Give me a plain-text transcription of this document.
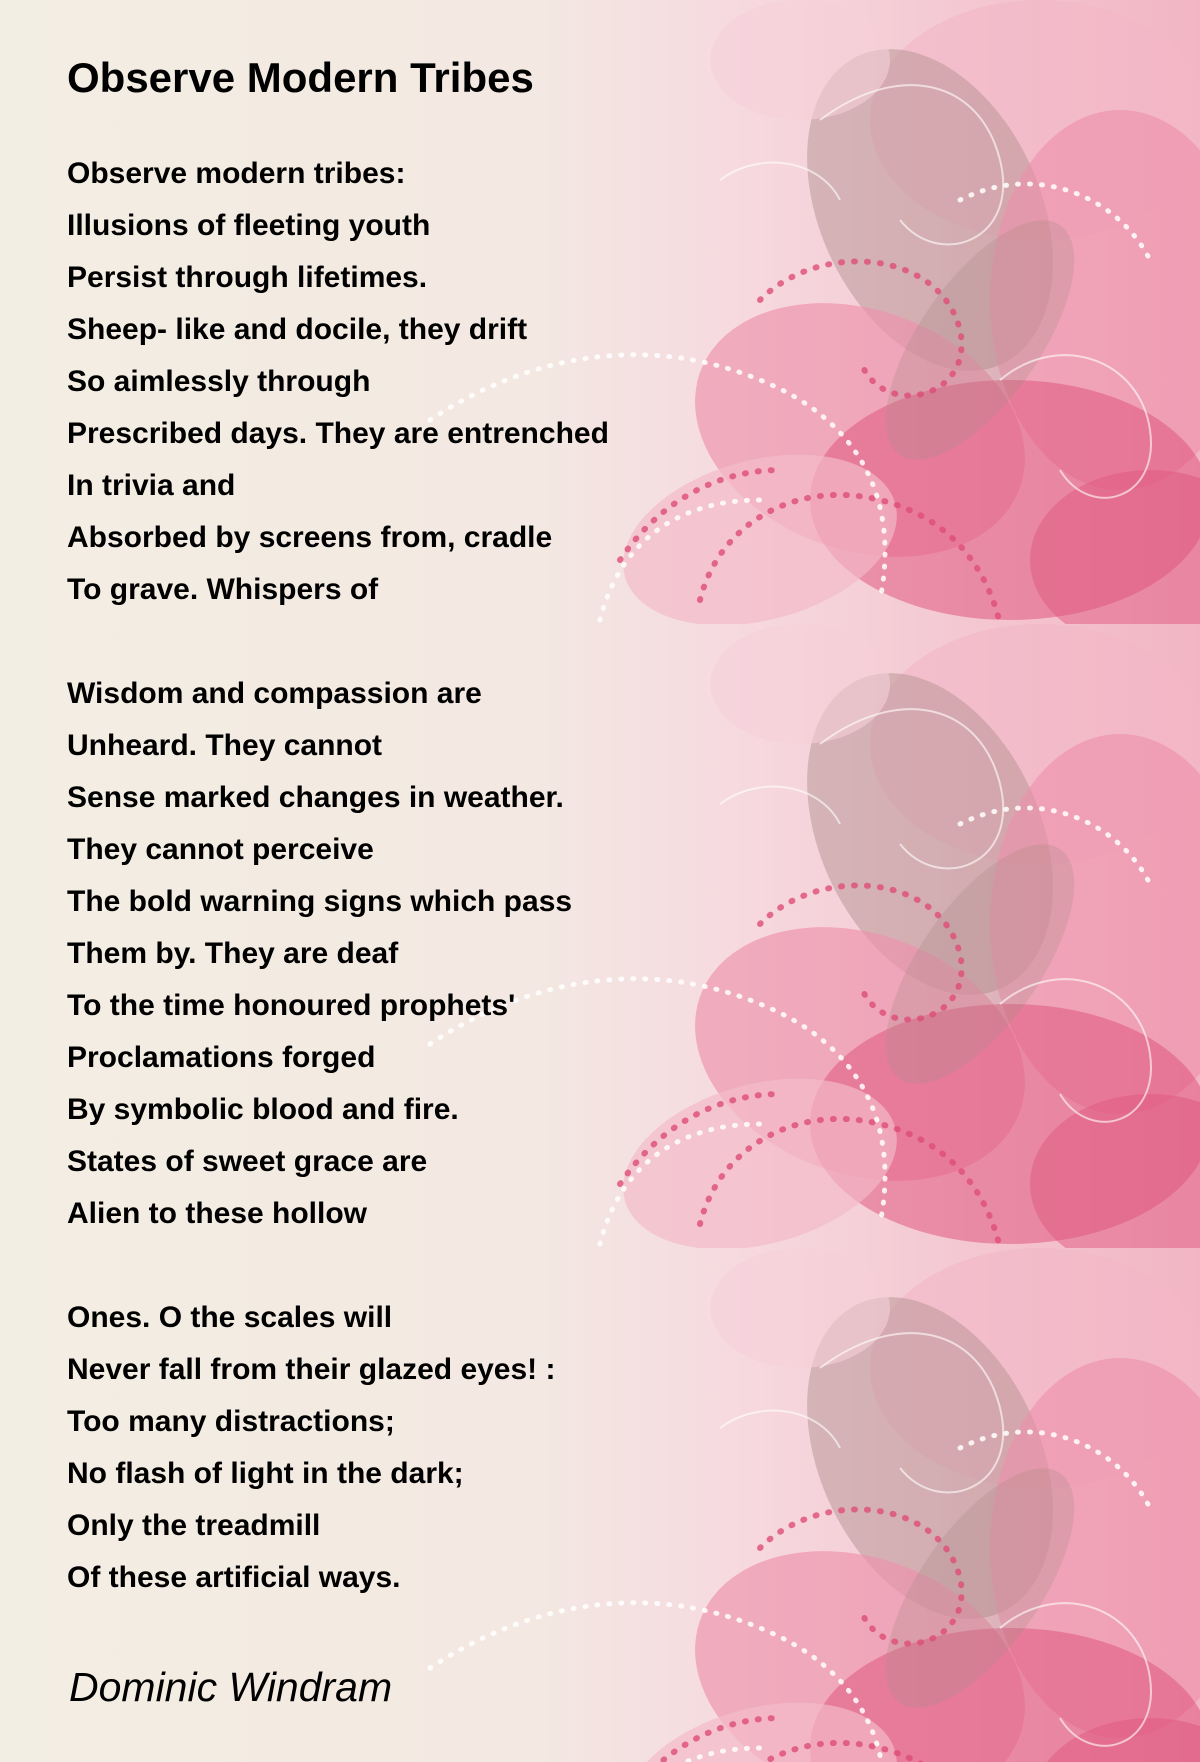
Observe Modern Tribes

Observe modern tribes:

Illusions of fleeting youth

Persist through lifetimes.

Sheep- like and docile, they drift

So aimlessly through

Prescribed days. They are entrenched

In trivia and

Absorbed by screens from, cradle

To grave. Whispers of

Wisdom and compassion are

Unheard. They cannot

Sense marked changes in weather.

They cannot perceive

The bold warning signs which pass

Them by. They are deaf

To the time honoured prophets'

Proclamations forged

By symbolic blood and fire.

States of sweet grace are

Alien to these hollow

Ones. O the scales will

Never fall from their glazed eyes! :

Too many distractions;

No flash of light in the dark;

Only the treadmill

Of these artificial ways.

Dominic Windram
